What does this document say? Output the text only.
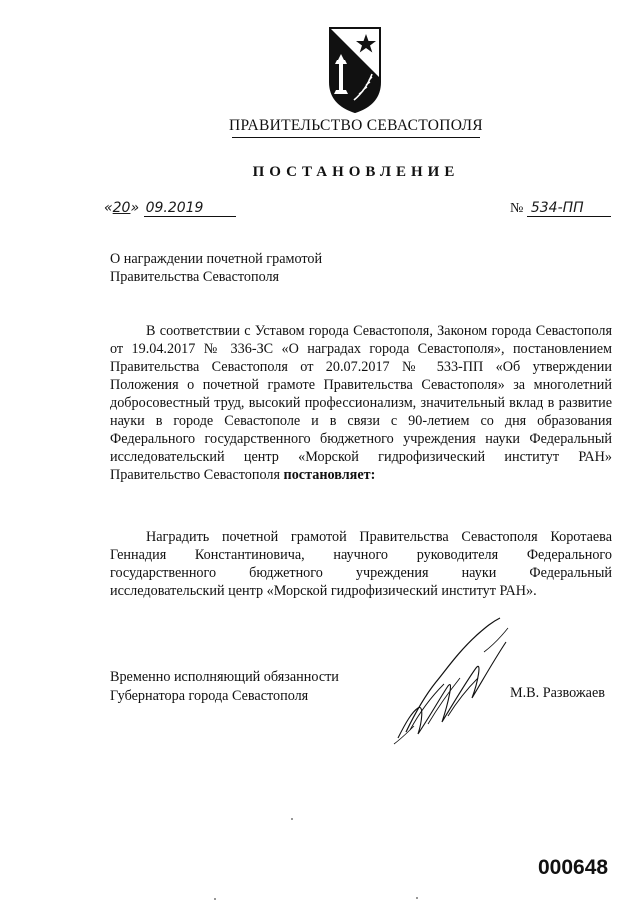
ПРАВИТЕЛЬСТВО СЕВАСТОПОЛЯ
ПОСТАНОВЛЕНИЕ
«20» 09.2019	№ 534-ПП
О награждении почетной грамотой
Правительства Севастополя
В соответствии с Уставом города Севастополя, Законом города Севастополя от 19.04.2017 № 336-ЗС «О наградах города Севастополя», постановлением Правительства Севастополя от 20.07.2017 № 533-ПП «Об утверждении Положения о почетной грамоте Правительства Севастополя» за многолетний добросовестный труд, высокий профессионализм, значительный вклад в развитие науки в городе Севастополе и в связи с 90-летием со дня образования Федерального государственного бюджетного учреждения науки Федеральный исследовательский центр «Морской гидрофизический институт РАН» Правительство Севастополя постановляет:
Наградить почетной грамотой Правительства Севастополя Коротаева Геннадия Константиновича, научного руководителя Федерального государственного бюджетного учреждения науки Федеральный исследовательский центр «Морской гидрофизический институт РАН».
Временно исполняющий обязанности
Губернатора города Севастополя	М.В. Развожаев
000648
